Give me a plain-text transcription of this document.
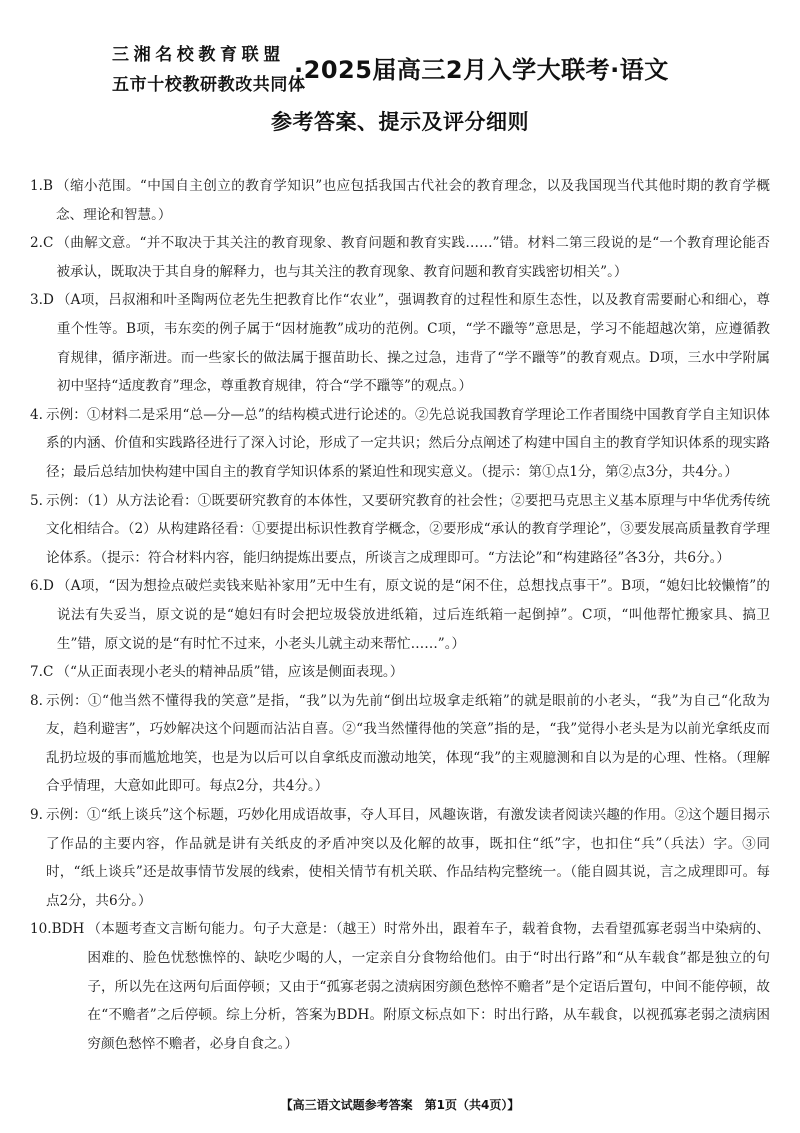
三湘名校教育联盟
五市十校教研教改共同体
·2025届高三2月入学大联考·语文
参考答案、提示及评分细则
1.B （缩小范围。“中国自主创立的教育学知识”也应包括我国古代社会的教育理念，以及我国现当代其他时期的教育学概念、理论和智慧。）
2.C （曲解文意。“并不取决于其关注的教育现象、教育问题和教育实践……”错。材料二第三段说的是“一个教育理论能否被承认，既取决于其自身的解释力，也与其关注的教育现象、教育问题和教育实践密切相关”。）
3.D （A项，吕叔湘和叶圣陶两位老先生把教育比作“农业”，强调教育的过程性和原生态性，以及教育需要耐心和细心，尊重个性等。B项，韦东奕的例子属于“因材施教”成功的范例。C项，“学不躐等”意思是，学习不能超越次第，应遵循教育规律，循序渐进。而一些家长的做法属于揠苗助长、操之过急，违背了“学不躐等”的教育观点。D项，三水中学附属初中坚持“适度教育”理念，尊重教育规律，符合“学不躐等”的观点。）
4. 示例：①材料二是采用“总—分—总”的结构模式进行论述的。②先总说我国教育学理论工作者围绕中国教育学自主知识体系的内涵、价值和实践路径进行了深入讨论，形成了一定共识；然后分点阐述了构建中国自主的教育学知识体系的现实路径；最后总结加快构建中国自主的教育学知识体系的紧迫性和现实意义。（提示：第①点1分，第②点3分，共4分。）
5. 示例：（1）从方法论看：①既要研究教育的本体性，又要研究教育的社会性；②要把马克思主义基本原理与中华优秀传统文化相结合。（2）从构建路径看：①要提出标识性教育学概念，②要形成“承认的教育学理论”，③要发展高质量教育学理论体系。（提示：符合材料内容，能归纳提炼出要点，所谈言之成理即可。“方法论”和“构建路径”各3分，共6分。）
6.D （A项，“因为想捡点破烂卖钱来贴补家用”无中生有，原文说的是“闲不住，总想找点事干”。B项，“媳妇比较懒惰”的说法有失妥当，原文说的是“媳妇有时会把垃圾袋放进纸箱，过后连纸箱一起倒掉”。C项，“叫他帮忙搬家具、搞卫生”错，原文说的是“有时忙不过来，小老头儿就主动来帮忙……”。）
7.C （“从正面表现小老头的精神品质”错，应该是侧面表现。）
8. 示例：①“他当然不懂得我的笑意”是指，“我”以为先前“倒出垃圾拿走纸箱”的就是眼前的小老头，“我”为自己“化敌为友，趋利避害”，巧妙解决这个问题而沾沾自喜。②“我当然懂得他的笑意”指的是，“我”觉得小老头是为以前光拿纸皮而乱扔垃圾的事而尴尬地笑，也是为以后可以自拿纸皮而激动地笑，体现“我”的主观臆测和自以为是的心理、性格。（理解合乎情理，大意如此即可。每点2分，共4分。）
9. 示例：①“纸上谈兵”这个标题，巧妙化用成语故事，夺人耳目，风趣诙谐，有激发读者阅读兴趣的作用。②这个题目揭示了作品的主要内容，作品就是讲有关纸皮的矛盾冲突以及化解的故事，既扣住“纸”字，也扣住“兵”（兵法）字。③同时，“纸上谈兵”还是故事情节发展的线索，使相关情节有机关联、作品结构完整统一。（能自圆其说，言之成理即可。每点2分，共6分。）
10.BDH （本题考查文言断句能力。句子大意是：（越王）时常外出，跟着车子，载着食物，去看望孤寡老弱当中染病的、困难的、脸色忧愁憔悴的、缺吃少喝的人，一定亲自分食物给他们。由于“时出行路”和“从车载食”都是独立的句子，所以先在这两句后面停顿；又由于“孤寡老弱之渍病困穷颜色愁悴不赡者”是个定语后置句，中间不能停顿，故在“不赡者”之后停顿。综上分析，答案为BDH。附原文标点如下：时出行路，从车载食，以视孤寡老弱之渍病困穷颜色愁悴不赡者，必身自食之。）
【高三语文试题参考答案　第1页（共4页）】
